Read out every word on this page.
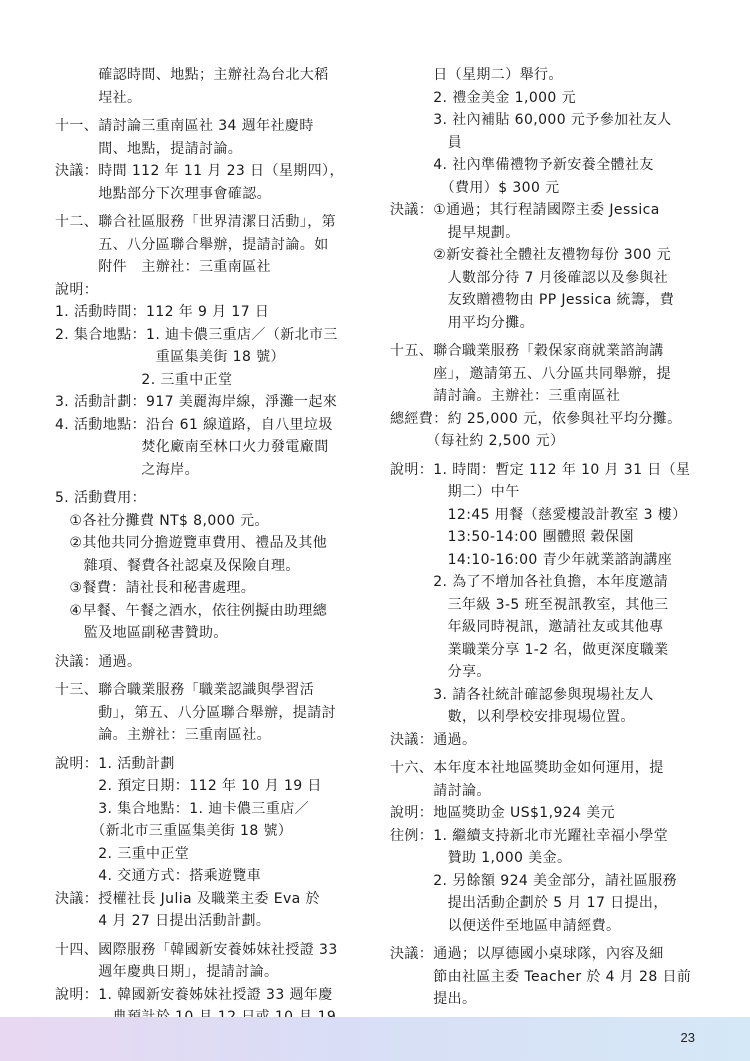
　　　確認時間、地點；主辦社為台北大稻
　　　埕社。
十一、請討論三重南區社 34 週年社慶時
　　　間、地點，提請討論。
決議：時間 112 年 11 月 23 日（星期四），
　　　地點部分下次理事會確認。
十二、聯合社區服務「世界清潔日活動」，第
　　　五、八分區聯合舉辦，提請討論。如
　　　附件　主辦社：三重南區社
說明：
1. 活動時間：112 年 9 月 17 日
2. 集合地點：1. 迪卡儂三重店／（新北市三
　　　　　　　重區集美街 18 號）
　　　　　　2. 三重中正堂
3. 活動計劃：917 美麗海岸線，淨灘一起來
4. 活動地點：沿台 61 線道路，自八里垃圾
　　　　　　焚化廠南至林口火力發電廠間
　　　　　　之海岸。
5. 活動費用：
　①各社分攤費 NT$ 8,000 元。
　②其他共同分擔遊覽車費用、禮品及其他
　　雜項、餐費各社認桌及保險自理。
　③餐費：請社長和秘書處理。
　④早餐、午餐之酒水，依往例擬由助理總
　　監及地區副秘書贊助。
決議：通過。
十三、聯合職業服務「職業認識與學習活
　　　動」，第五、八分區聯合舉辦，提請討
　　　論。主辦社：三重南區社。
說明：1. 活動計劃
　　　2. 預定日期：112 年 10 月 19 日
　　　3. 集合地點：1. 迪卡儂三重店／
　　　（新北市三重區集美街 18 號）
　　　2. 三重中正堂
　　　4. 交通方式：搭乘遊覽車
決議：授權社長 Julia 及職業主委 Eva 於
　　　4 月 27 日提出活動計劃。
十四、國際服務「韓國新安養姊妹社授證 33
　　　週年慶典日期」，提請討論。
說明：1. 韓國新安養姊妹社授證 33 週年慶
　　　日（星期二）舉行。
　　　2. 禮金美金 1,000 元
　　　3. 社內補貼 60,000 元予參加社友人
　　　　員
　　　4. 社內準備禮物予新安養全體社友
　　　　（費用）$ 300 元
決議：①通過；其行程請國際主委 Jessica
　　　　提早規劃。
　　　②新安養社全體社友禮物每份 300 元
　　　　人數部分待 7 月後確認以及參與社
　　　　友致贈禮物由 PP Jessica 統籌，費
　　　　用平均分攤。
十五、聯合職業服務「穀保家商就業諮詢講
　　　座」，邀請第五、八分區共同舉辦，提
　　　請討論。主辦社：三重南區社
總經費：約 25,000 元，依參與社平均分攤。
　　　（每社約 2,500 元）
說明：1. 時間：暫定 112 年 10 月 31 日（星
　　　　期二）中午
　　　　12:45 用餐（慈愛樓設計教室 3 樓）
　　　　13:50-14:00 團體照 穀保園
　　　　14:10-16:00 青少年就業諮詢講座
　　　2. 為了不增加各社負擔，本年度邀請
　　　　三年級 3-5 班至視訊教室，其他三
　　　　年級同時視訊，邀請社友或其他專
　　　　業職業分享 1-2 名，做更深度職業
　　　　分享。
　　　3. 請各社統計確認參與現場社友人
　　　　數，以利學校安排現場位置。
決議：通過。
十六、本年度本社地區獎助金如何運用，提
　　　請討論。
說明：地區獎助金 US$1,924 美元
往例：1. 繼續支持新北市光躍社幸福小學堂
　　　　贊助 1,000 美金。
　　　2. 另餘額 924 美金部分，請社區服務
　　　　提出活動企劃於 5 月 17 日提出，
　　　　以便送件至地區申請經費。
決議：通過；以厚德國小桌球隊，內容及細
　　　節由社區主委 Teacher 於 4 月 28 日前
　　　提出。
23
